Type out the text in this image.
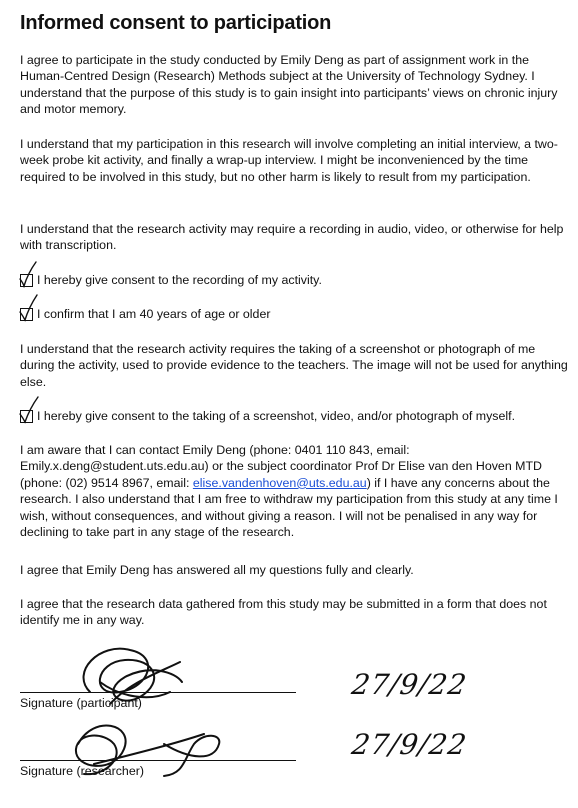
Informed consent to participation

I agree to participate in the study conducted by Emily Deng as part of assignment work in the Human-Centred Design (Research) Methods subject at the University of Technology Sydney. I understand that the purpose of this study is to gain insight into participants’ views on chronic injury and motor memory.

I understand that my participation in this research will involve completing an initial interview, a two-week probe kit activity, and finally a wrap-up interview. I might be inconvenienced by the time required to be involved in this study, but no other harm is likely to result from my participation.

I understand that the research activity may require a recording in audio, video, or otherwise for help with transcription.

I hereby give consent to the recording of my activity.
I confirm that I am 40 years of age or older

I understand that the research activity requires the taking of a screenshot or photograph of me during the activity, used to provide evidence to the teachers. The image will not be used for anything else.

I hereby give consent to the taking of a screenshot, video, and/or photograph of myself.

I am aware that I can contact Emily Deng (phone: 0401 110 843, email: Emily.x.deng@student.uts.edu.au) or the subject coordinator Prof Dr Elise van den Hoven MTD (phone: (02) 9514 8967, email: elise.vandenhoven@uts.edu.au) if I have any concerns about the research. I also understand that I am free to withdraw my participation from this study at any time I wish, without consequences, and without giving a reason. I will not be penalised in any way for declining to take part in any stage of the research.

I agree that Emily Deng has answered all my questions fully and clearly.

I agree that the research data gathered from this study may be submitted in a form that does not identify me in any way.

Signature (participant)
27/9/22
Signature (researcher)
27/9/22
